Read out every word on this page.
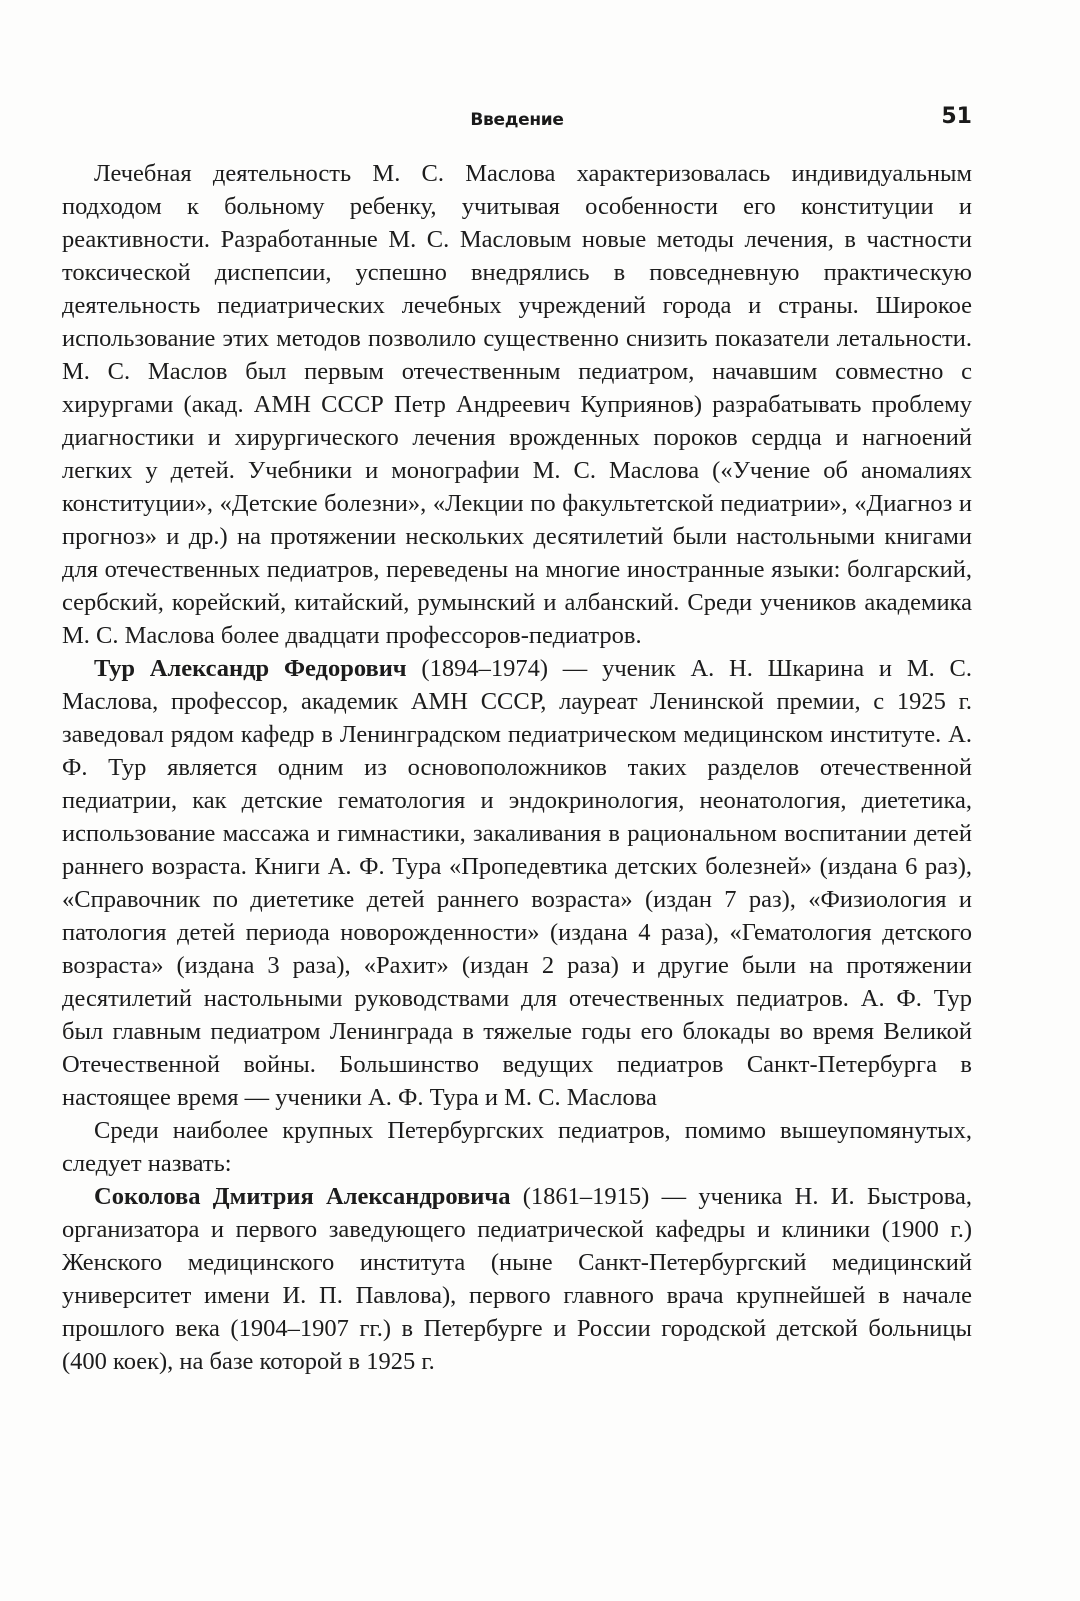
Введение	51

Лечебная деятельность М. С. Маслова характеризовалась индивидуальным подходом к больному ребенку, учитывая особенности его конституции и реактивности. Разработанные М. С. Масловым новые методы лечения, в частности токсической диспепсии, успешно внедрялись в повседневную практическую деятельность педиатрических лечебных учреждений города и страны. Широкое использование этих методов позволило существенно снизить показатели летальности. М. С. Маслов был первым отечественным педиатром, начавшим совместно с хирургами (акад. АМН СССР Петр Андреевич Куприянов) разрабатывать проблему диагностики и хирургического лечения врожденных пороков сердца и нагноений легких у детей. Учебники и монографии М. С. Маслова («Учение об аномалиях конституции», «Детские болезни», «Лекции по факультетской педиатрии», «Диагноз и прогноз» и др.) на протяжении нескольких десятилетий были настольными книгами для отечественных педиатров, переведены на многие иностранные языки: болгарский, сербский, корейский, китайский, румынский и албанский. Среди учеников академика М. С. Маслова более двадцати профессоров-педиатров.

Тур Александр Федорович (1894–1974) — ученик А. Н. Шкарина и М. С. Маслова, профессор, академик АМН СССР, лауреат Ленинской премии, с 1925 г. заведовал рядом кафедр в Ленинградском педиатрическом медицинском институте. А. Ф. Тур является одним из основоположников таких разделов отечественной педиатрии, как детские гематология и эндокринология, неонатология, диететика, использование массажа и гимнастики, закаливания в рациональном воспитании детей раннего возраста. Книги А. Ф. Тура «Пропедевтика детских болезней» (издана 6 раз), «Справочник по диететике детей раннего возраста» (издан 7 раз), «Физиология и патология детей периода новорожденности» (издана 4 раза), «Гематология детского возраста» (издана 3 раза), «Рахит» (издан 2 раза) и другие были на протяжении десятилетий настольными руководствами для отечественных педиатров. А. Ф. Тур был главным педиатром Ленинграда в тяжелые годы его блокады во время Великой Отечественной войны. Большинство ведущих педиатров Санкт-Петербурга в настоящее время — ученики А. Ф. Тура и М. С. Маслова

Среди наиболее крупных Петербургских педиатров, помимо вышеупомянутых, следует назвать:

Соколова Дмитрия Александровича (1861–1915) — ученика Н. И. Быстрова, организатора и первого заведующего педиатрической кафедры и клиники (1900 г.) Женского медицинского института (ныне Санкт-Петербургский медицинский университет имени И. П. Павлова), первого главного врача крупнейшей в начале прошлого века (1904–1907 гг.) в Петербурге и России городской детской больницы (400 коек), на базе которой в 1925 г.
